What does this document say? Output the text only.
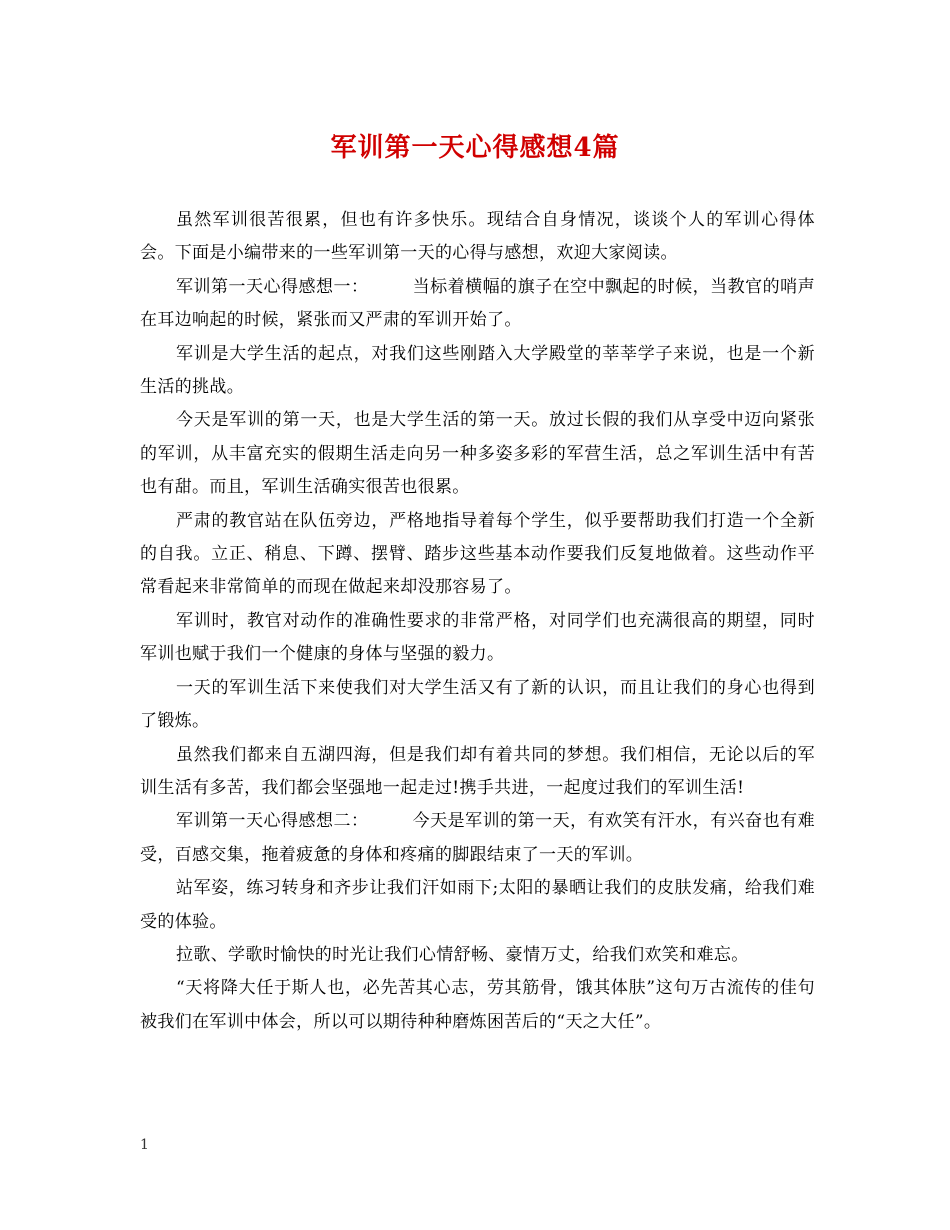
军训第一天心得感想4篇

虽然军训很苦很累，但也有许多快乐。现结合自身情况，谈谈个人的军训心得体会。下面是小编带来的一些军训第一天的心得与感想，欢迎大家阅读。

军训第一天心得感想一：	当标着横幅的旗子在空中飘起的时候，当教官的哨声在耳边响起的时候，紧张而又严肃的军训开始了。

军训是大学生活的起点，对我们这些刚踏入大学殿堂的莘莘学子来说，也是一个新生活的挑战。

今天是军训的第一天，也是大学生活的第一天。放过长假的我们从享受中迈向紧张的军训，从丰富充实的假期生活走向另一种多姿多彩的军营生活，总之军训生活中有苦也有甜。而且，军训生活确实很苦也很累。

严肃的教官站在队伍旁边，严格地指导着每个学生，似乎要帮助我们打造一个全新的自我。立正、稍息、下蹲、摆臂、踏步这些基本动作要我们反复地做着。这些动作平常看起来非常简单的而现在做起来却没那容易了。

军训时，教官对动作的准确性要求的非常严格，对同学们也充满很高的期望，同时军训也赋于我们一个健康的身体与坚强的毅力。

一天的军训生活下来使我们对大学生活又有了新的认识，而且让我们的身心也得到了锻炼。

虽然我们都来自五湖四海，但是我们却有着共同的梦想。我们相信，无论以后的军训生活有多苦，我们都会坚强地一起走过!携手共进，一起度过我们的军训生活!

军训第一天心得感想二：	今天是军训的第一天，有欢笑有汗水，有兴奋也有难受，百感交集，拖着疲惫的身体和疼痛的脚跟结束了一天的军训。

站军姿，练习转身和齐步让我们汗如雨下;太阳的暴晒让我们的皮肤发痛，给我们难受的体验。

拉歌、学歌时愉快的时光让我们心情舒畅、豪情万丈，给我们欢笑和难忘。

“天将降大任于斯人也，必先苦其心志，劳其筋骨，饿其体肤”这句万古流传的佳句被我们在军训中体会，所以可以期待种种磨炼困苦后的“天之大任”。

1
